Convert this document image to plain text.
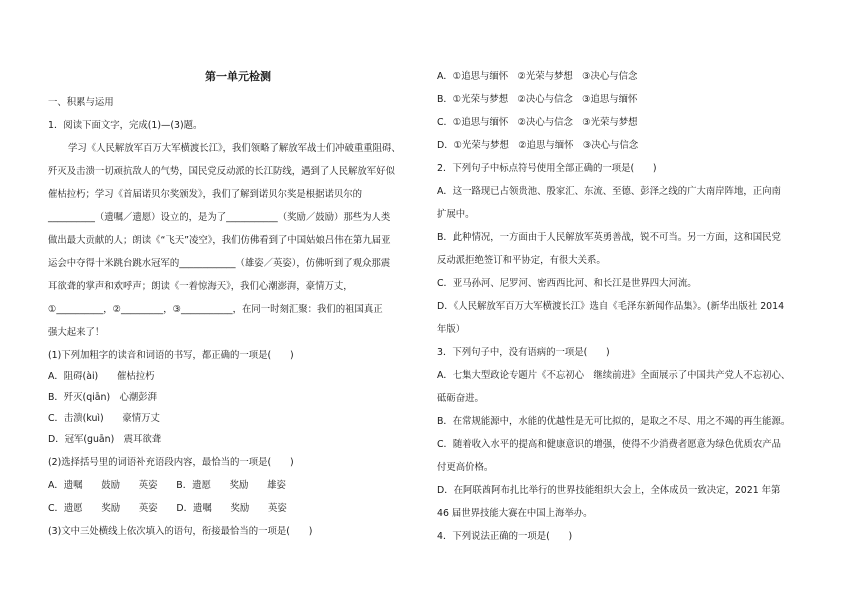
第一单元检测
一、积累与运用
1．阅读下面文字，完成(1)—(3)题。
学习《人民解放军百万大军横渡长江》，我们领略了解放军战士们冲破重重阻碍、
歼灭及击溃一切顽抗敌人的气势，国民党反动派的长江防线，遇到了人民解放军好似
催枯拉朽；学习《首届诺贝尔奖颁发》，我们了解到诺贝尔奖是根据诺贝尔的
__________（遗嘱／遗愿）设立的，是为了___________（奖励／鼓励）那些为人类
做出最大贡献的人；朗读《“飞天”凌空》，我们仿佛看到了中国姑娘吕伟在第九届亚
运会中夺得十米跳台跳水冠军的____________（雄姿／英姿），仿佛听到了观众那震
耳欲聋的掌声和欢呼声；朗读《一着惊海天》，我们心潮澎湃，豪情万丈，
①__________，②_________，③___________，在同一时刻汇聚：我们的祖国真正
强大起来了！
(1)下列加粗字的读音和词语的书写，都正确的一项是(　　)
A．阻碍(ài)　　催枯拉朽
B．歼灭(qiān)　心潮彭湃
C．击溃(kuì)　　豪情万丈
D．冠军(guān)　震耳欲聋
(2)选择括号里的词语补充语段内容，最恰当的一项是(　　)
A．遗嘱　　鼓励　　英姿　　B．遗愿　　奖励　　雄姿
C．遗愿　　奖励　　英姿　　D．遗嘱　　奖励　　英姿
(3)文中三处横线上依次填入的语句，衔接最恰当的一项是(　　)
A．①追思与缅怀　②光荣与梦想　③决心与信念
B．①光荣与梦想　②决心与信念　③追思与缅怀
C．①追思与缅怀　②决心与信念　③光荣与梦想
D．①光荣与梦想　②追思与缅怀　③决心与信念
2．下列句子中标点符号使用全部正确的一项是(　　)
A．这一路现已占领贵池、殷家汇、东流、至德、彭泽之线的广大南岸阵地，正向南
扩展中。
B．此种情况，一方面由于人民解放军英勇善战，锐不可当。另一方面，这和国民党
反动派拒绝签订和平协定，有很大关系。
C．亚马孙河、尼罗河、密西西比河、和长江是世界四大河流。
D．《人民解放军百万大军横渡长江》选自《毛泽东新闻作品集》。(新华出版社 2014
年版）
3．下列句子中，没有语病的一项是(　　)
A．七集大型政论专题片《不忘初心　继续前进》全面展示了中国共产党人不忘初心、
砥砺奋进。
B．在常规能源中，水能的优越性是无可比拟的，是取之不尽、用之不竭的再生能源。
C．随着收入水平的提高和健康意识的增强，使得不少消费者愿意为绿色优质农产品
付更高价格。
D．在阿联酋阿布扎比举行的世界技能组织大会上，全体成员一致决定，2021 年第
46 届世界技能大赛在中国上海举办。
4．下列说法正确的一项是(　　)
